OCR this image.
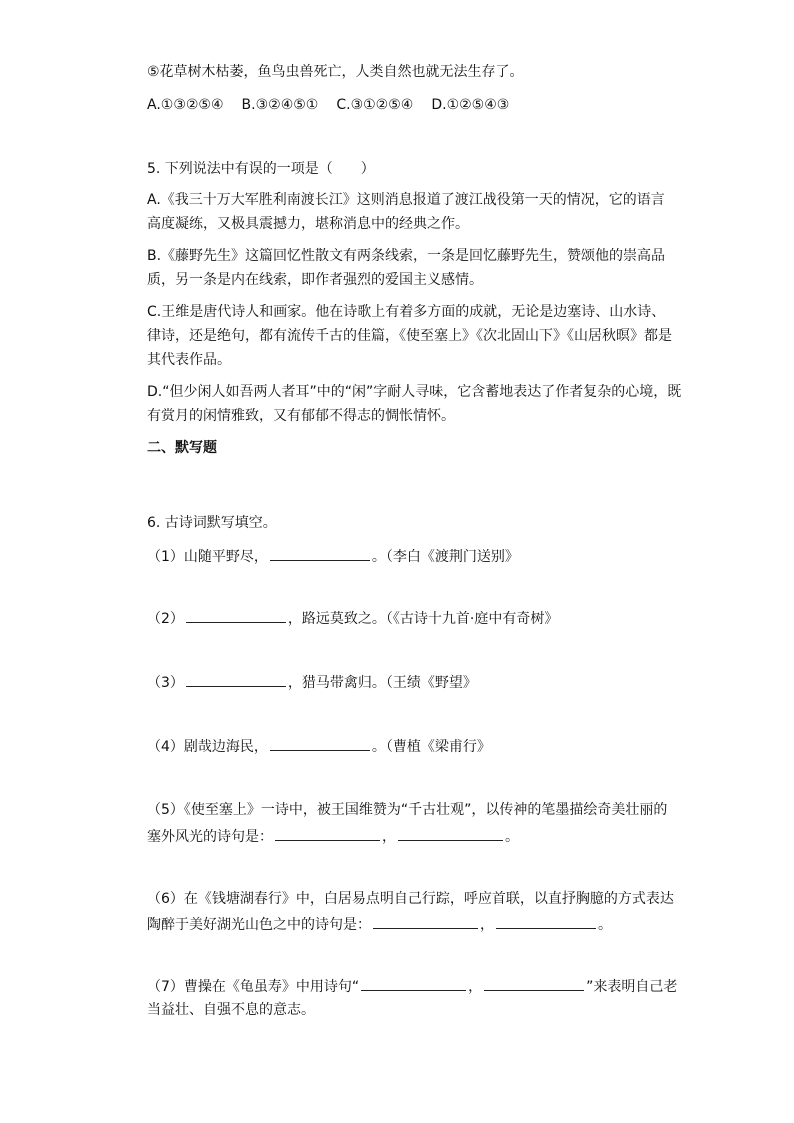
⑤花草树木枯萎，鱼鸟虫兽死亡，人类自然也就无法生存了。
A.①③②⑤④ B.③②④⑤① C.③①②⑤④ D.①②⑤④③
5. 下列说法中有误的一项是（　　）
A.《我三十万大军胜利南渡长江》这则消息报道了渡江战役第一天的情况，它的语言
高度凝练，又极具震撼力，堪称消息中的经典之作。
B.《藤野先生》这篇回忆性散文有两条线索，一条是回忆藤野先生，赞颂他的崇高品
质，另一条是内在线索，即作者强烈的爱国主义感情。
C.王维是唐代诗人和画家。他在诗歌上有着多方面的成就，无论是边塞诗、山水诗、
律诗，还是绝句，都有流传千古的佳篇，《使至塞上》《次北固山下》《山居秋暝》都是
其代表作品。
D.“但少闲人如吾两人者耳”中的“闲”字耐人寻味，它含蓄地表达了作者复杂的心境，既
有赏月的闲情雅致，又有郁郁不得志的惆怅情怀。
二、默写题
6. 古诗词默写填空。
（1）山随平野尽，	。（李白《渡荆门送别》
（2）	，路远莫致之。（《古诗十九首·庭中有奇树》
（3）	，猎马带禽归。（王绩《野望》
（4）剧哉边海民，	。（曹植《梁甫行》
（5）《使至塞上》一诗中，被王国维赞为“千古壮观”，以传神的笔墨描绘奇美壮丽的
塞外风光的诗句是：	，	。
（6）在《钱塘湖春行》中，白居易点明自己行踪，呼应首联，以直抒胸臆的方式表达
陶醉于美好湖光山色之中的诗句是：	，	。
（7）曹操在《龟虽寿》中用诗句“	，	”来表明自己老
当益壮、自强不息的意志。
